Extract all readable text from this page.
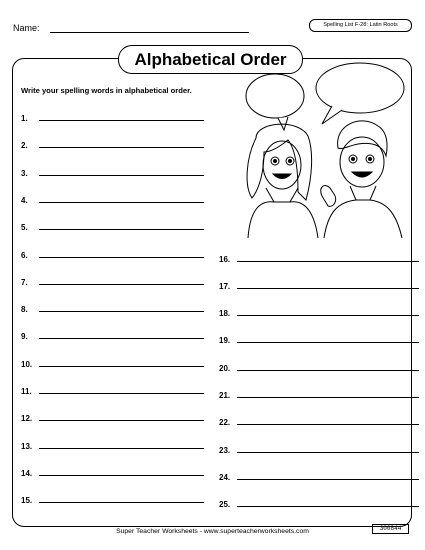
Name:	Spelling List F-28: Latin Roots
Alphabetical Order
Write your spelling words in alphabetical order.
1.
2.
3.
4.
5.
6.
7.
8.
9.
10.
11.
12.
13.
14.
15.
16.
17.
18.
19.
20.
21.
22.
23.
24.
25.
Super Teacher Worksheets - www.superteacherworksheets.com	300844
